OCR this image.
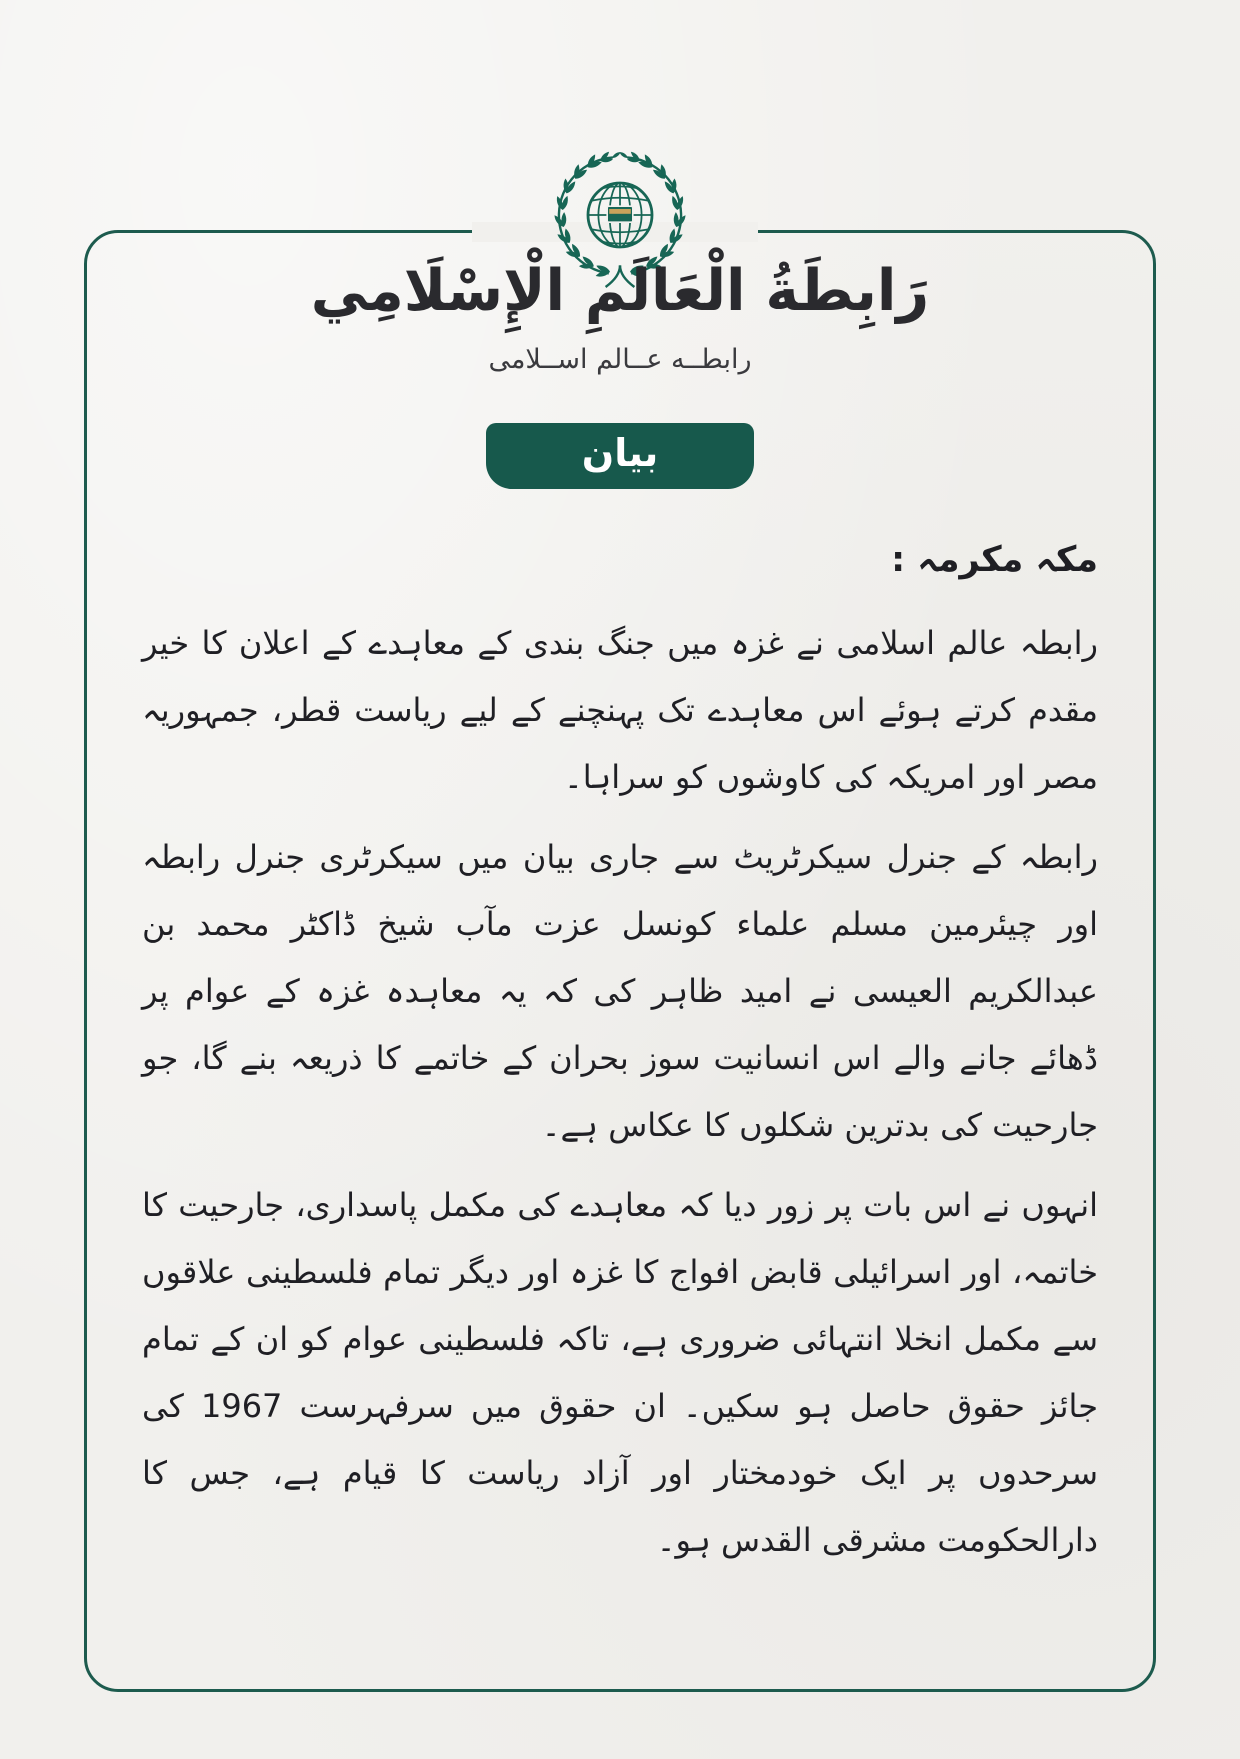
رَابِطَةُ الْعَالَمِ الْإِسْلَامِي
رابطــه عــالم اســلامی
بيان
مکہ مکرمہ :

رابطہ عالم اسلامی نے غزہ میں جنگ بندی کے معاہدے کے اعلان کا خیر مقدم کرتے ہوئے اس معاہدے تک پہنچنے کے لیے ریاست قطر، جمہوریہ مصر اور امریکہ کی کاوشوں کو سراہا۔

رابطہ کے جنرل سیکرٹریٹ سے جاری بیان میں سیکرٹری جنرل رابطہ اور چیئرمین مسلم علماء کونسل عزت مآب شیخ ڈاکٹر محمد بن عبدالکریم العیسی نے امید ظاہر کی کہ یہ معاہدہ غزہ کے عوام پر ڈھائے جانے والے اس انسانیت سوز بحران کے خاتمے کا ذریعہ بنے گا، جو جارحیت کی بدترین شکلوں کا عکاس ہے۔

انہوں نے اس بات پر زور دیا کہ معاہدے کی مکمل پاسداری، جارحیت کا خاتمہ، اور اسرائیلی قابض افواج کا غزہ اور دیگر تمام فلسطینی علاقوں سے مکمل انخلا انتہائی ضروری ہے، تاکہ فلسطینی عوام کو ان کے تمام جائز حقوق حاصل ہو سکیں۔ ان حقوق میں سرفہرست 1967 کی سرحدوں پر ایک خودمختار اور آزاد ریاست کا قیام ہے، جس کا دارالحکومت مشرقی القدس ہو۔
